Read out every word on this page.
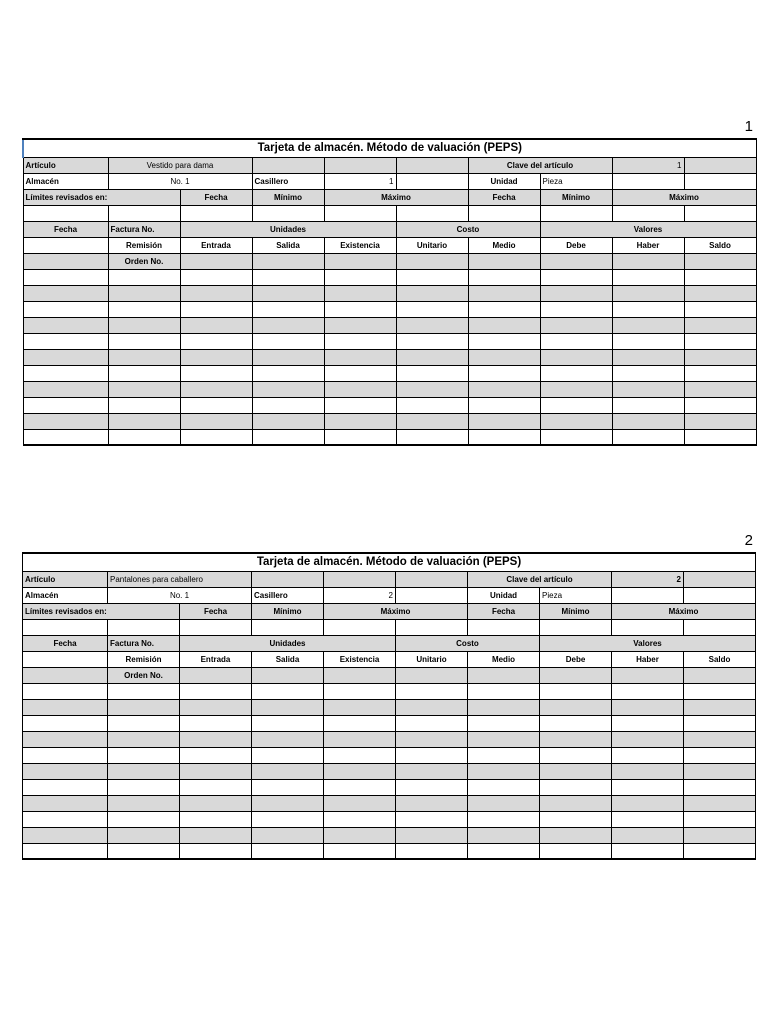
1
Tarjeta de almacén. Método de valuación (PEPS)									
Artículo	Vestido para dama					Clave del artículo		1	
Almacén	No. 1		Casillero	1		Unidad	Pieza		
Límites revisados en:		Fecha	Mínimo	Máximo		Fecha	Mínimo	Máximo	

Fecha	Factura No.	Unidades			Costo		Valores		
	Remisión	Entrada	Salida	Existencia	Unitario	Medio	Debe	Haber	Saldo
	Orden No.								

2
Tarjeta de almacén. Método de valuación (PEPS)									
Artículo	Pantalones para caballero					Clave del artículo		2	
Almacén	No. 1		Casillero	2		Unidad	Pieza		
Límites revisados en:		Fecha	Mínimo	Máximo		Fecha	Mínimo	Máximo	

Fecha	Factura No.	Unidades			Costo		Valores		
	Remisión	Entrada	Salida	Existencia	Unitario	Medio	Debe	Haber	Saldo
	Orden No.								
